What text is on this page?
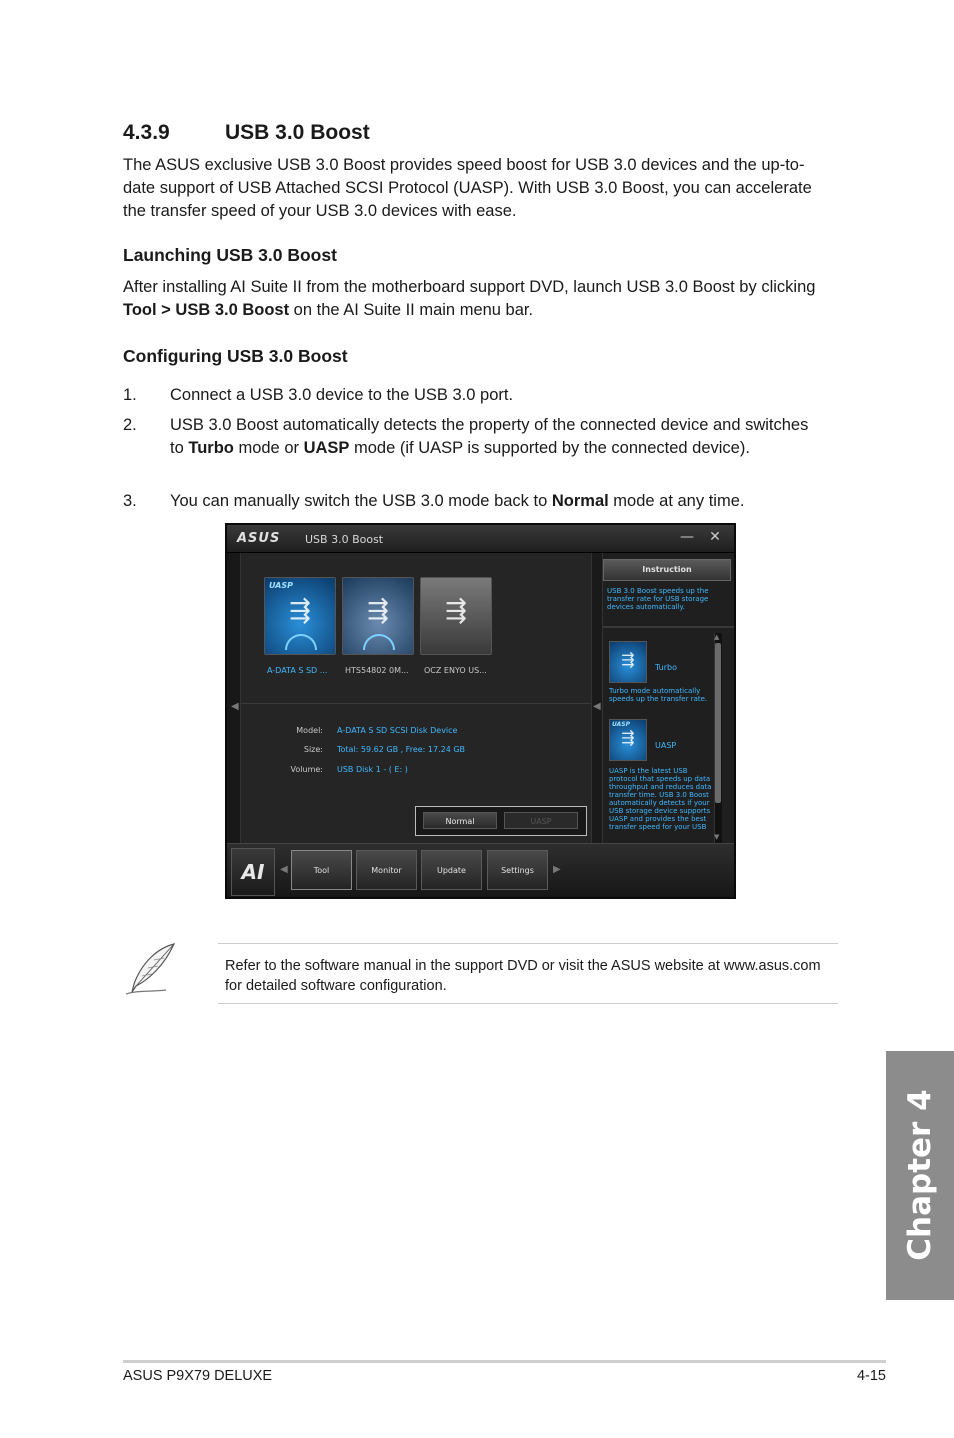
4.3.9	USB 3.0 Boost
The ASUS exclusive USB 3.0 Boost provides speed boost for USB 3.0 devices and the up-to-date support of USB Attached SCSI Protocol (UASP). With USB 3.0 Boost, you can accelerate the transfer speed of your USB 3.0 devices with ease.
Launching USB 3.0 Boost
After installing AI Suite II from the motherboard support DVD, launch USB 3.0 Boost by clicking Tool > USB 3.0 Boost on the AI Suite II main menu bar.
Configuring USB 3.0 Boost
1. Connect a USB 3.0 device to the USB 3.0 port.
2. USB 3.0 Boost automatically detects the property of the connected device and switches to Turbo mode or UASP mode (if UASP is supported by the connected device).
3. You can manually switch the USB 3.0 mode back to Normal mode at any time.
ASUS USB 3.0 Boost	— ✕
◀
UASP
⇶	⇶	⇶
A-DATA S SD ... HTS54802 0M... OCZ ENYO US...
Model: A-DATA S SD SCSI Disk Device
Size: Total: 59.62 GB , Free: 17.24 GB
Volume: USB Disk 1 - ( E: )
Normal	UASP
◀
Instruction
USB 3.0 Boost speeds up the transfer rate for USB storage devices automatically.
⇶	Turbo
Turbo mode automatically speeds up the transfer rate.
UASP
⇶	UASP
UASP is the latest USB protocol that speeds up data throughput and reduces data transfer time. USB 3.0 Boost automatically detects if your USB storage device supports UASP and provides the best transfer speed for your USB
▲
▼
AI	◀	Tool	Monitor	Update	Settings	▶
Refer to the software manual in the support DVD or visit the ASUS website at www.asus.com for detailed software configuration.
Chapter 4
ASUS P9X79 DELUXE	4-15
